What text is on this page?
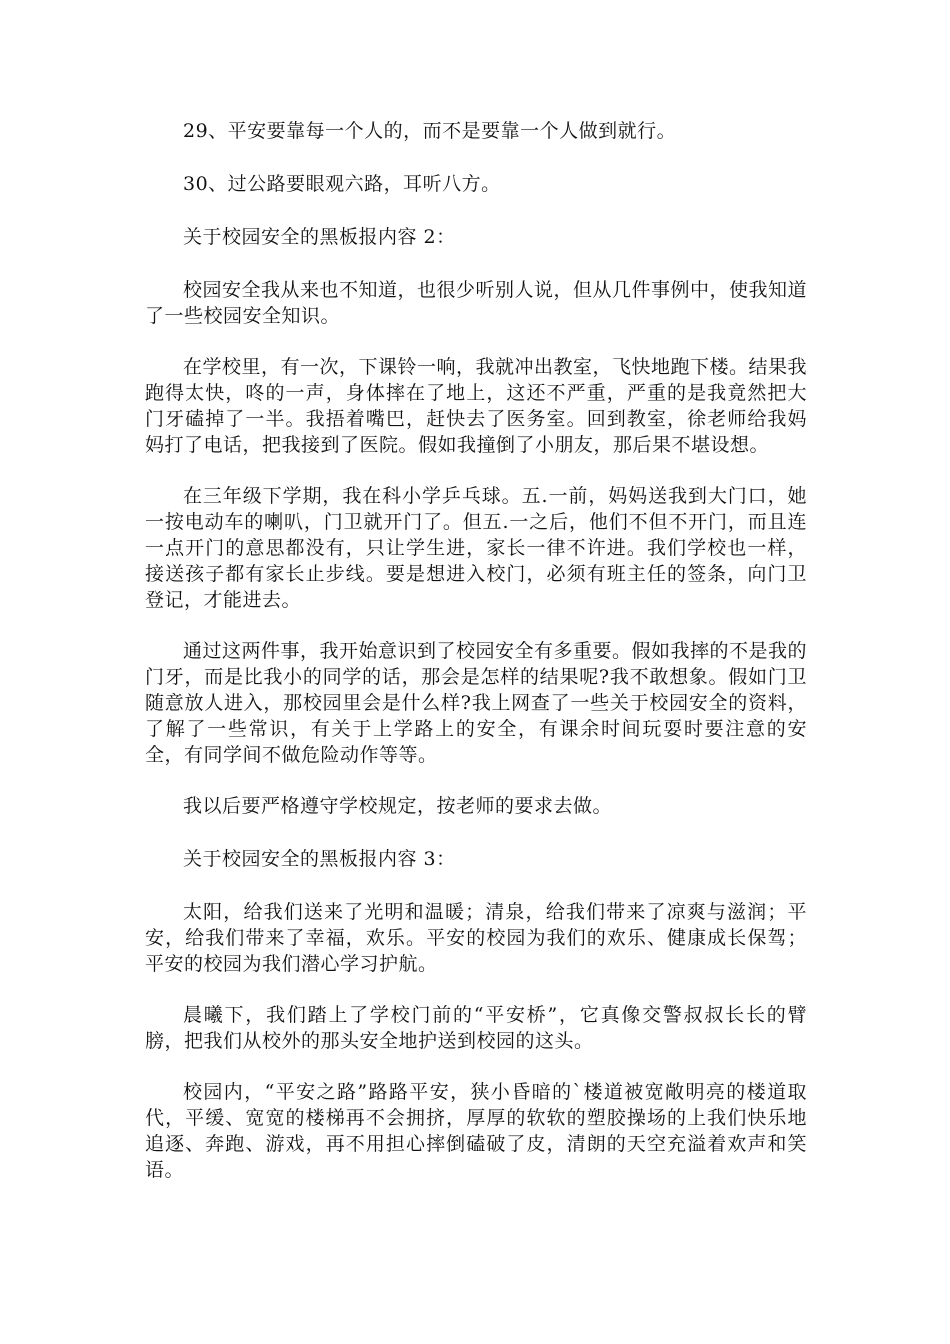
29、平安要靠每一个人的，而不是要靠一个人做到就行。

30、过公路要眼观六路，耳听八方。

关于校园安全的黑板报内容 2：

校园安全我从来也不知道，也很少听别人说，但从几件事例中，使我知道了一些校园安全知识。

在学校里，有一次，下课铃一响，我就冲出教室，飞快地跑下楼。结果我跑得太快，咚的一声，身体摔在了地上，这还不严重，严重的是我竟然把大门牙磕掉了一半。我捂着嘴巴，赶快去了医务室。回到教室，徐老师给我妈妈打了电话，把我接到了医院。假如我撞倒了小朋友，那后果不堪设想。

在三年级下学期，我在科小学乒乓球。五.一前，妈妈送我到大门口，她一按电动车的喇叭，门卫就开门了。但五.一之后，他们不但不开门，而且连一点开门的意思都没有，只让学生进，家长一律不许进。我们学校也一样，接送孩子都有家长止步线。要是想进入校门，必须有班主任的签条，向门卫登记，才能进去。

通过这两件事，我开始意识到了校园安全有多重要。假如我摔的不是我的门牙，而是比我小的同学的话，那会是怎样的结果呢?我不敢想象。假如门卫随意放人进入，那校园里会是什么样?我上网查了一些关于校园安全的资料，了解了一些常识，有关于上学路上的安全，有课余时间玩耍时要注意的安全，有同学间不做危险动作等等。

我以后要严格遵守学校规定，按老师的要求去做。

关于校园安全的黑板报内容 3：

太阳，给我们送来了光明和温暖；清泉，给我们带来了凉爽与滋润；平安，给我们带来了幸福，欢乐。平安的校园为我们的欢乐、健康成长保驾；平安的校园为我们潜心学习护航。

晨曦下，我们踏上了学校门前的“平安桥”，它真像交警叔叔长长的臂膀，把我们从校外的那头安全地护送到校园的这头。

校园内，“平安之路”路路平安，狭小昏暗的`楼道被宽敞明亮的楼道取代，平缓、宽宽的楼梯再不会拥挤，厚厚的软软的塑胶操场的上我们快乐地追逐、奔跑、游戏，再不用担心摔倒磕破了皮，清朗的天空充溢着欢声和笑语。
